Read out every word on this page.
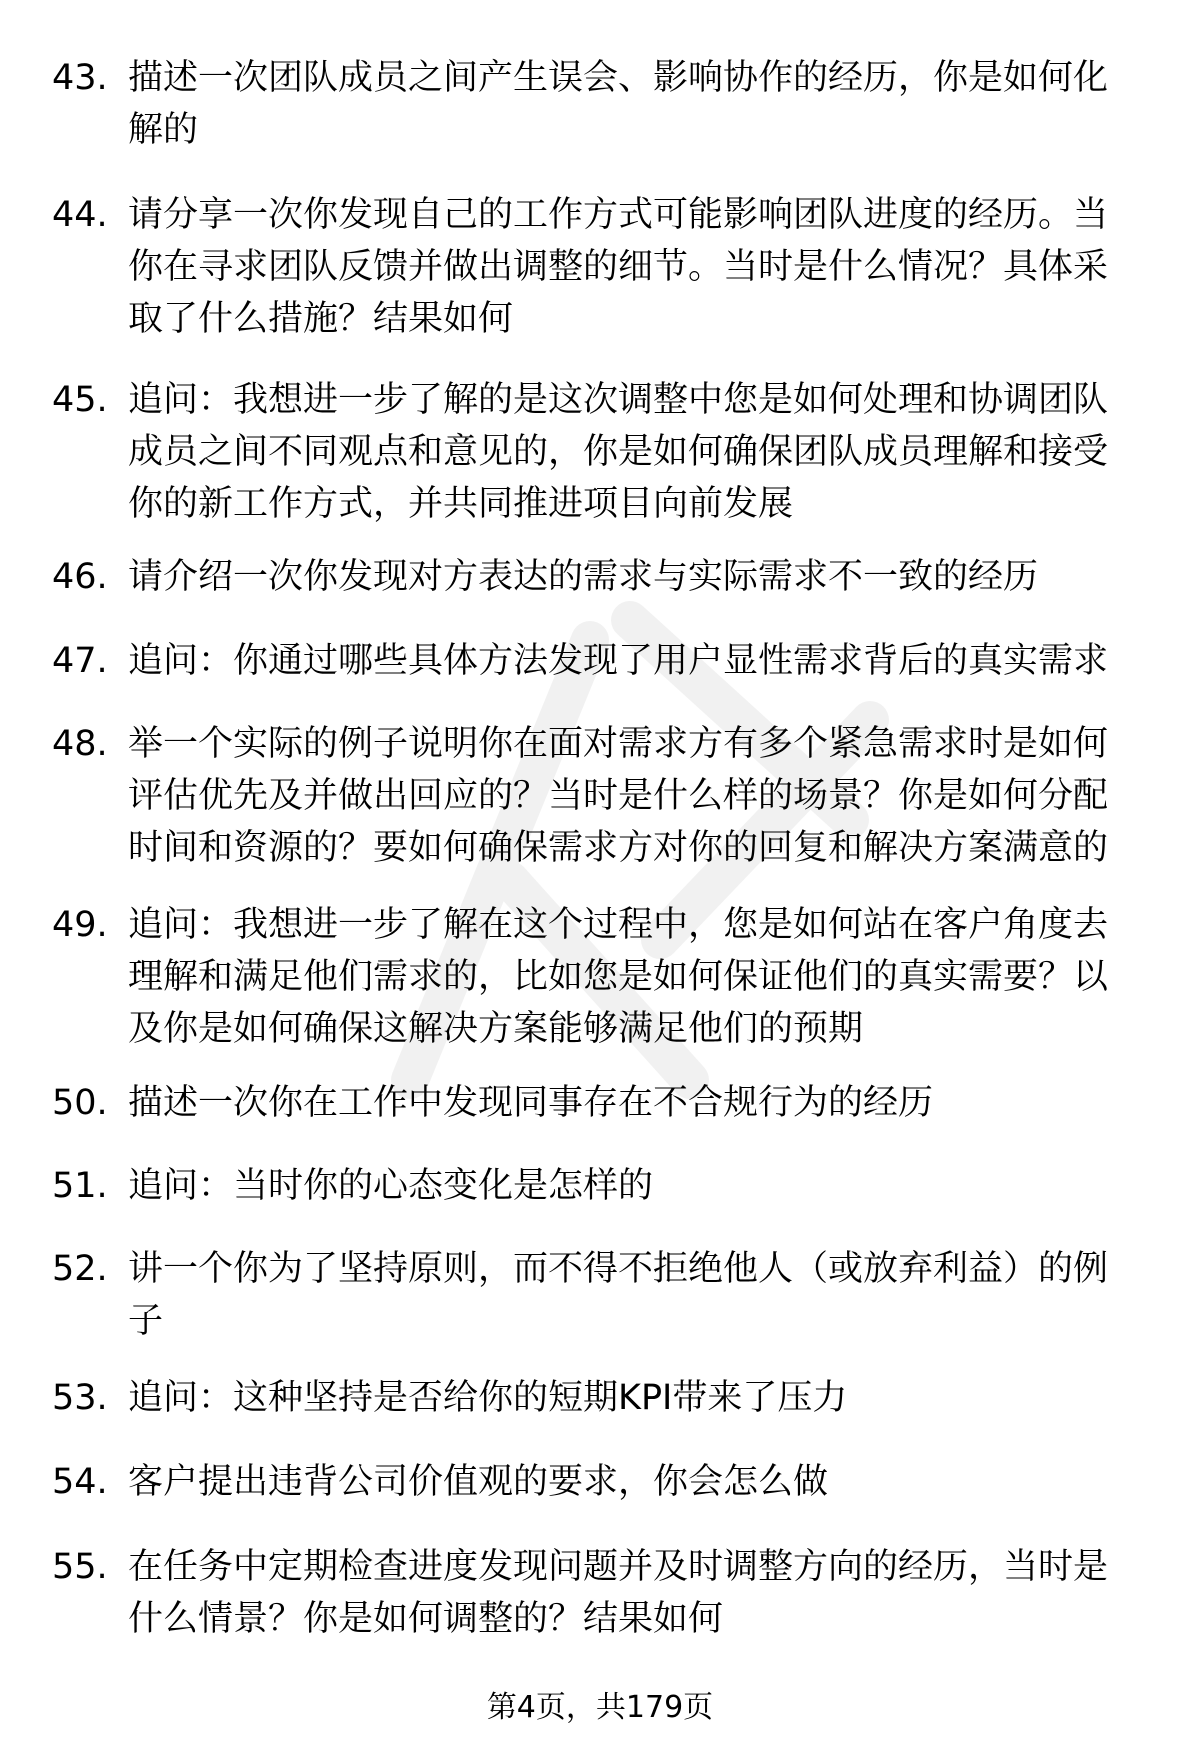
43. 描述一次团队成员之间产生误会、影响协作的经历，你是如何化
解的
44. 请分享一次你发现自己的工作方式可能影响团队进度的经历。当
你在寻求团队反馈并做出调整的细节。当时是什么情况？具体采
取了什么措施？结果如何
45. 追问：我想进一步了解的是这次调整中您是如何处理和协调团队
成员之间不同观点和意见的，你是如何确保团队成员理解和接受
你的新工作方式，并共同推进项目向前发展
46. 请介绍一次你发现对方表达的需求与实际需求不一致的经历
47. 追问：你通过哪些具体方法发现了用户显性需求背后的真实需求
48. 举一个实际的例子说明你在面对需求方有多个紧急需求时是如何
评估优先及并做出回应的？当时是什么样的场景？你是如何分配
时间和资源的？要如何确保需求方对你的回复和解决方案满意的
49. 追问：我想进一步了解在这个过程中，您是如何站在客户角度去
理解和满足他们需求的，比如您是如何保证他们的真实需要？以
及你是如何确保这解决方案能够满足他们的预期
50. 描述一次你在工作中发现同事存在不合规行为的经历
51. 追问：当时你的心态变化是怎样的
52. 讲一个你为了坚持原则，而不得不拒绝他人（或放弃利益）的例
子
53. 追问：这种坚持是否给你的短期KPI带来了压力
54. 客户提出违背公司价值观的要求，你会怎么做
55. 在任务中定期检查进度发现问题并及时调整方向的经历，当时是
什么情景？你是如何调整的？结果如何
第4页，共179页
